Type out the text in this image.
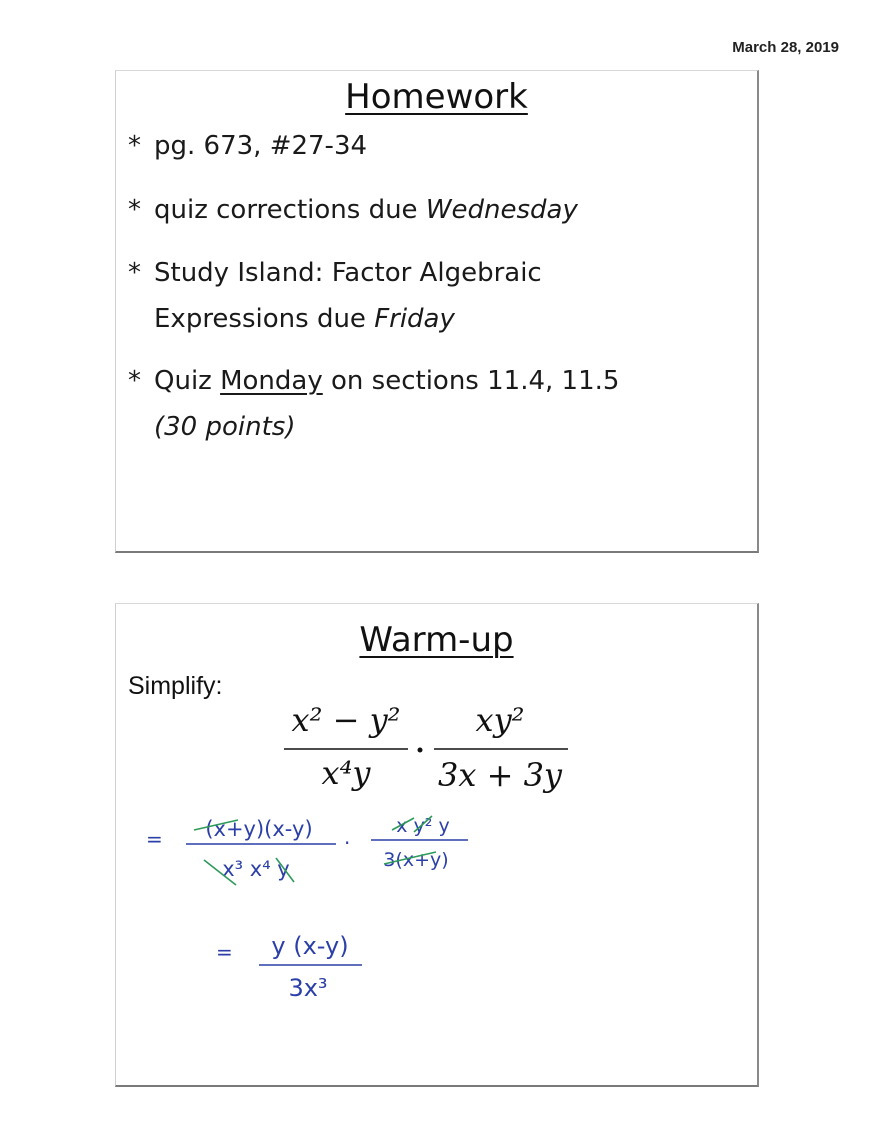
March 28, 2019
Homework
* pg. 673, #27-34
* quiz corrections due Wednesday
* Study Island: Factor Algebraic
Expressions due Friday
* Quiz Monday on sections 11.4, 11.5
(30 points)
Warm-up
Simplify:
x² − y²
x⁴y
xy²
3x + 3y
= (x+y)(x-y)
x³ x⁴ y
. x y² y
3(x+y)
= y (x-y)
3x³
